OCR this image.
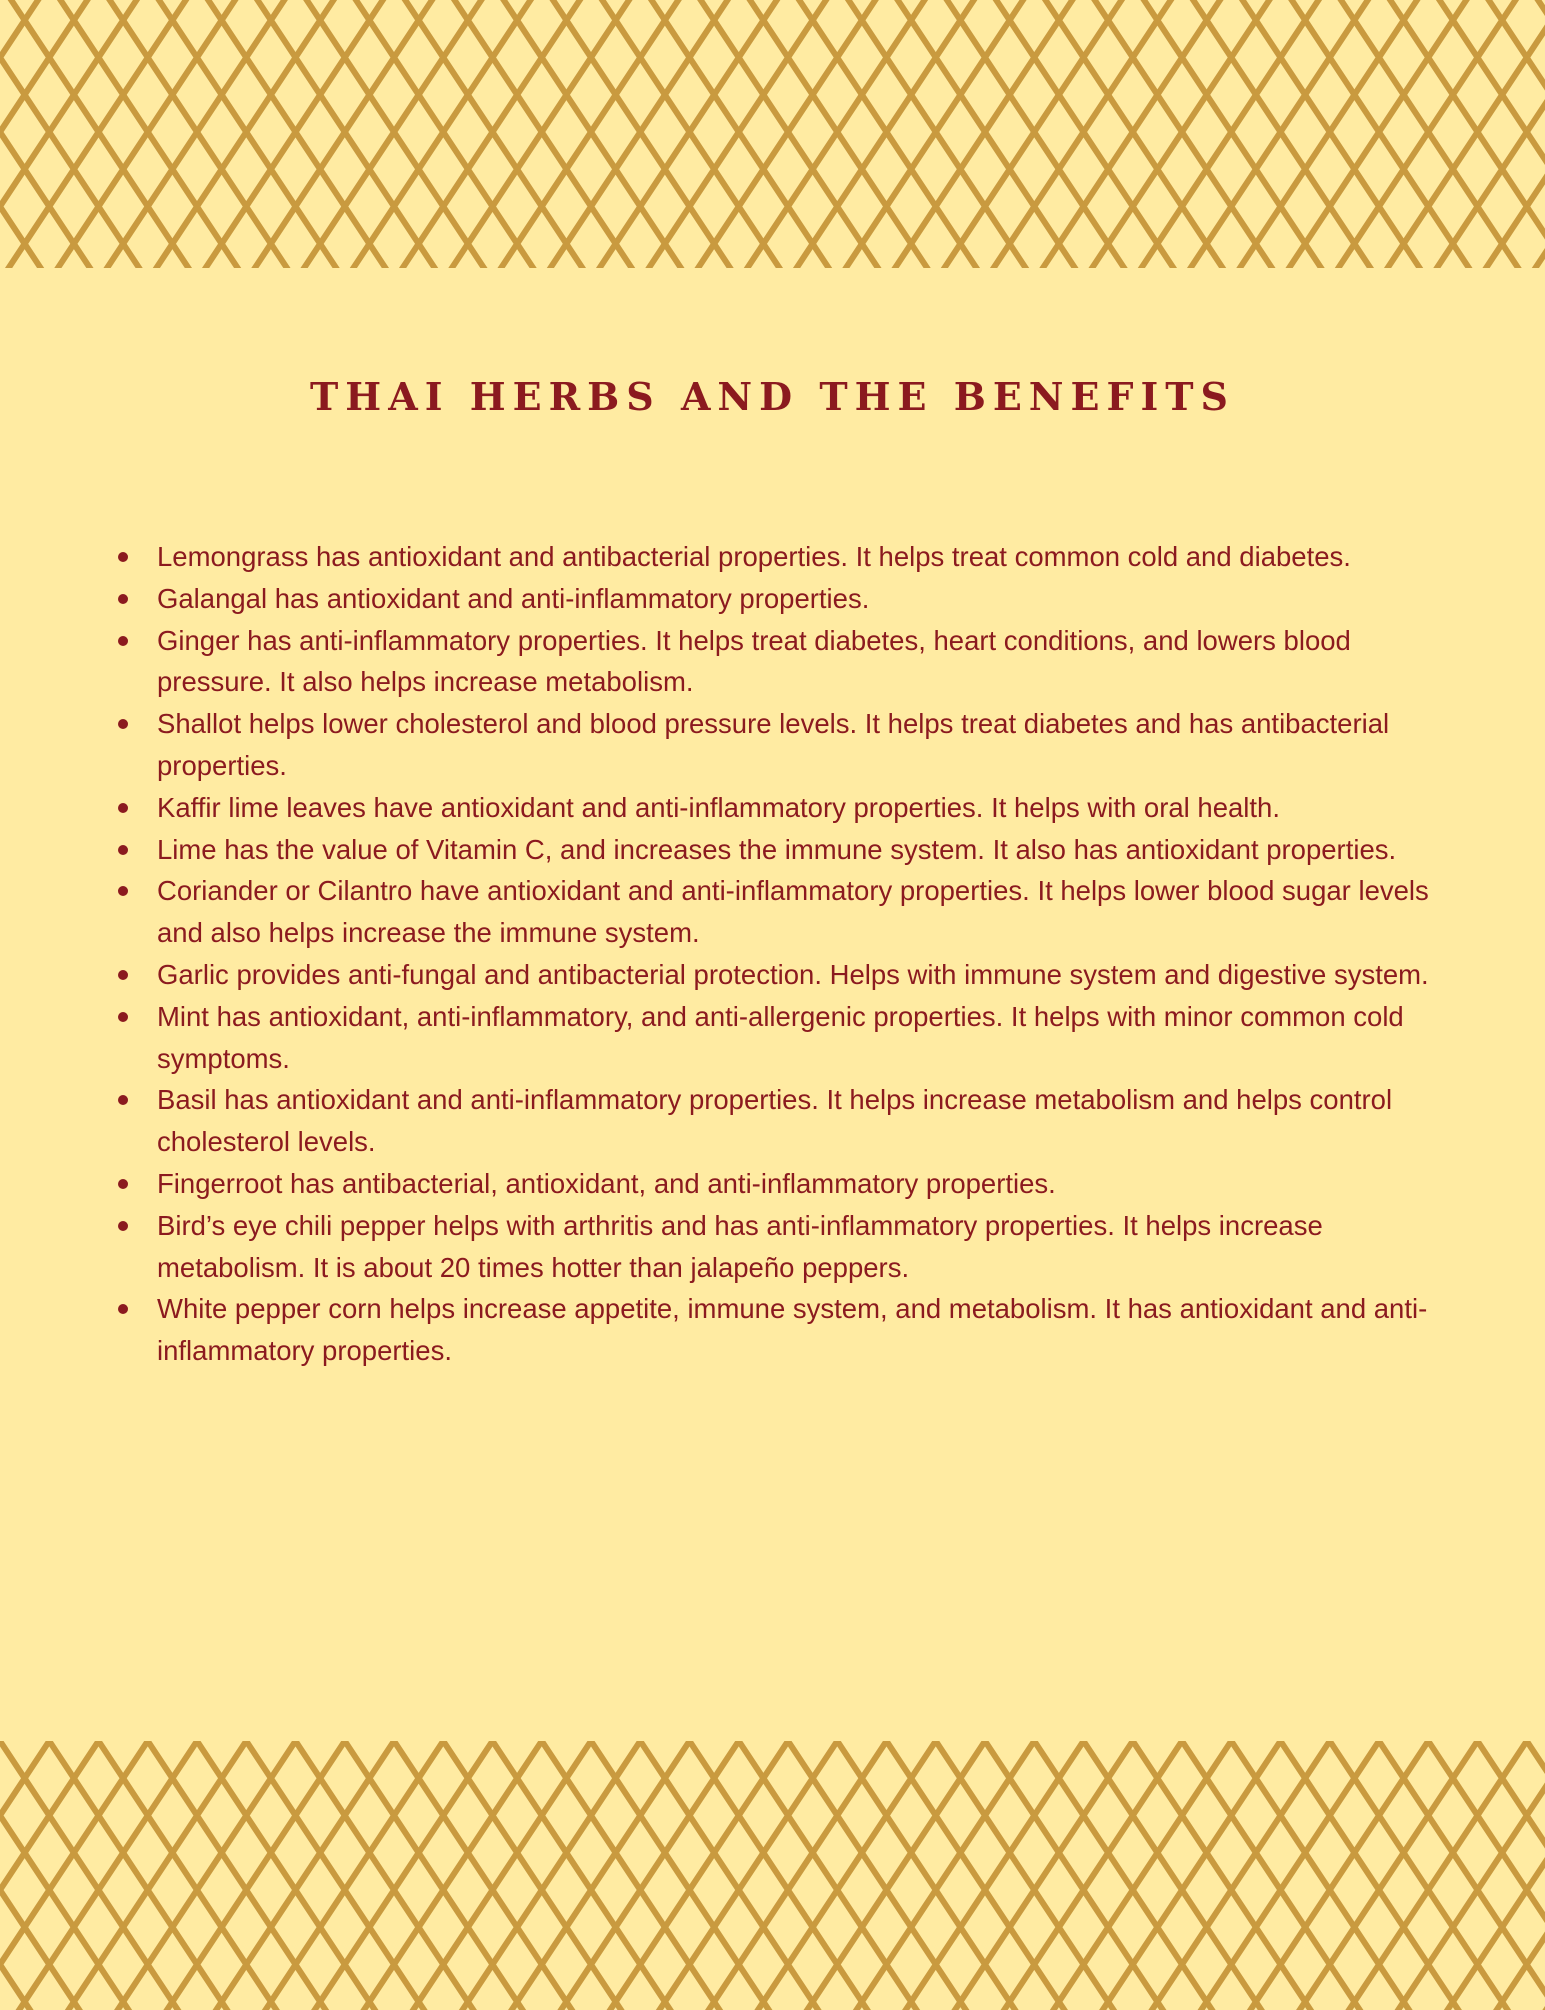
THAI HERBS AND THE BENEFITS
Lemongrass has antioxidant and antibacterial properties. It helps treat common cold and diabetes.
Galangal has antioxidant and anti-inflammatory properties.
Ginger has anti-inflammatory properties. It helps treat diabetes, heart conditions, and lowers blood pressure. It also helps increase metabolism.
Shallot helps lower cholesterol and blood pressure levels. It helps treat diabetes and has antibacterial properties.
Kaffir lime leaves have antioxidant and anti-inflammatory properties. It helps with oral health.
Lime has the value of Vitamin C, and increases the immune system. It also has antioxidant properties.
Coriander or Cilantro have antioxidant and anti-inflammatory properties. It helps lower blood sugar levels and also helps increase the immune system.
Garlic provides anti-fungal and antibacterial protection. Helps with immune system and digestive system.
Mint has antioxidant, anti-inflammatory, and anti-allergenic properties. It helps with minor common cold symptoms.
Basil has antioxidant and anti-inflammatory properties. It helps increase metabolism and helps control cholesterol levels.
Fingerroot has antibacterial, antioxidant, and anti-inflammatory properties.
Bird’s eye chili pepper helps with arthritis and has anti-inflammatory properties. It helps increase metabolism. It is about 20 times hotter than jalapeño peppers.
White pepper corn helps increase appetite, immune system, and metabolism. It has antioxidant and anti-inflammatory properties.
